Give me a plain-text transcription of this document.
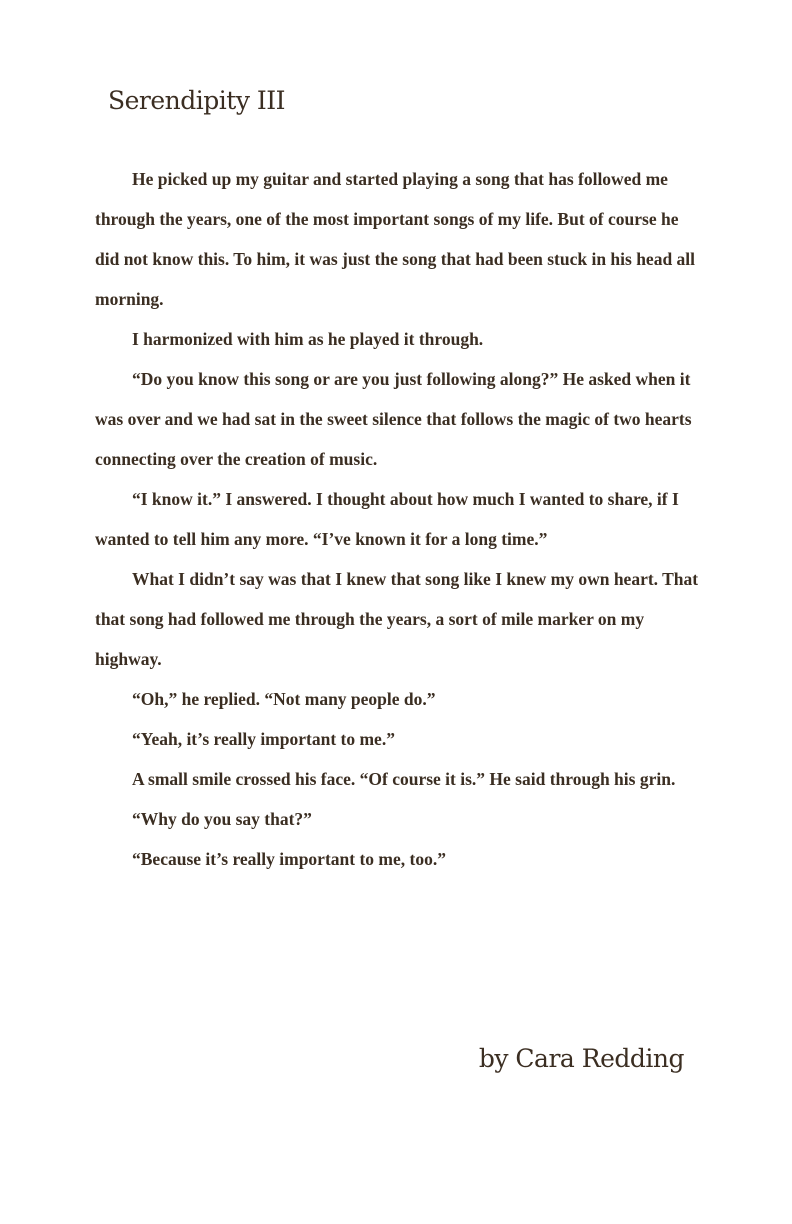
Serendipity III

He picked up my guitar and started playing a song that has followed me through the years, one of the most important songs of my life. But of course he did not know this. To him, it was just the song that had been stuck in his head all morning.

I harmonized with him as he played it through.

“Do you know this song or are you just following along?” He asked when it was over and we had sat in the sweet silence that follows the magic of two hearts connecting over the creation of music.

“I know it.” I answered. I thought about how much I wanted to share, if I wanted to tell him any more. “I’ve known it for a long time.”

What I didn’t say was that I knew that song like I knew my own heart. That that song had followed me through the years, a sort of mile marker on my highway.

“Oh,” he replied. “Not many people do.”

“Yeah, it’s really important to me.”

A small smile crossed his face. “Of course it is.” He said through his grin.

“Why do you say that?”

“Because it’s really important to me, too.”

by Cara Redding
